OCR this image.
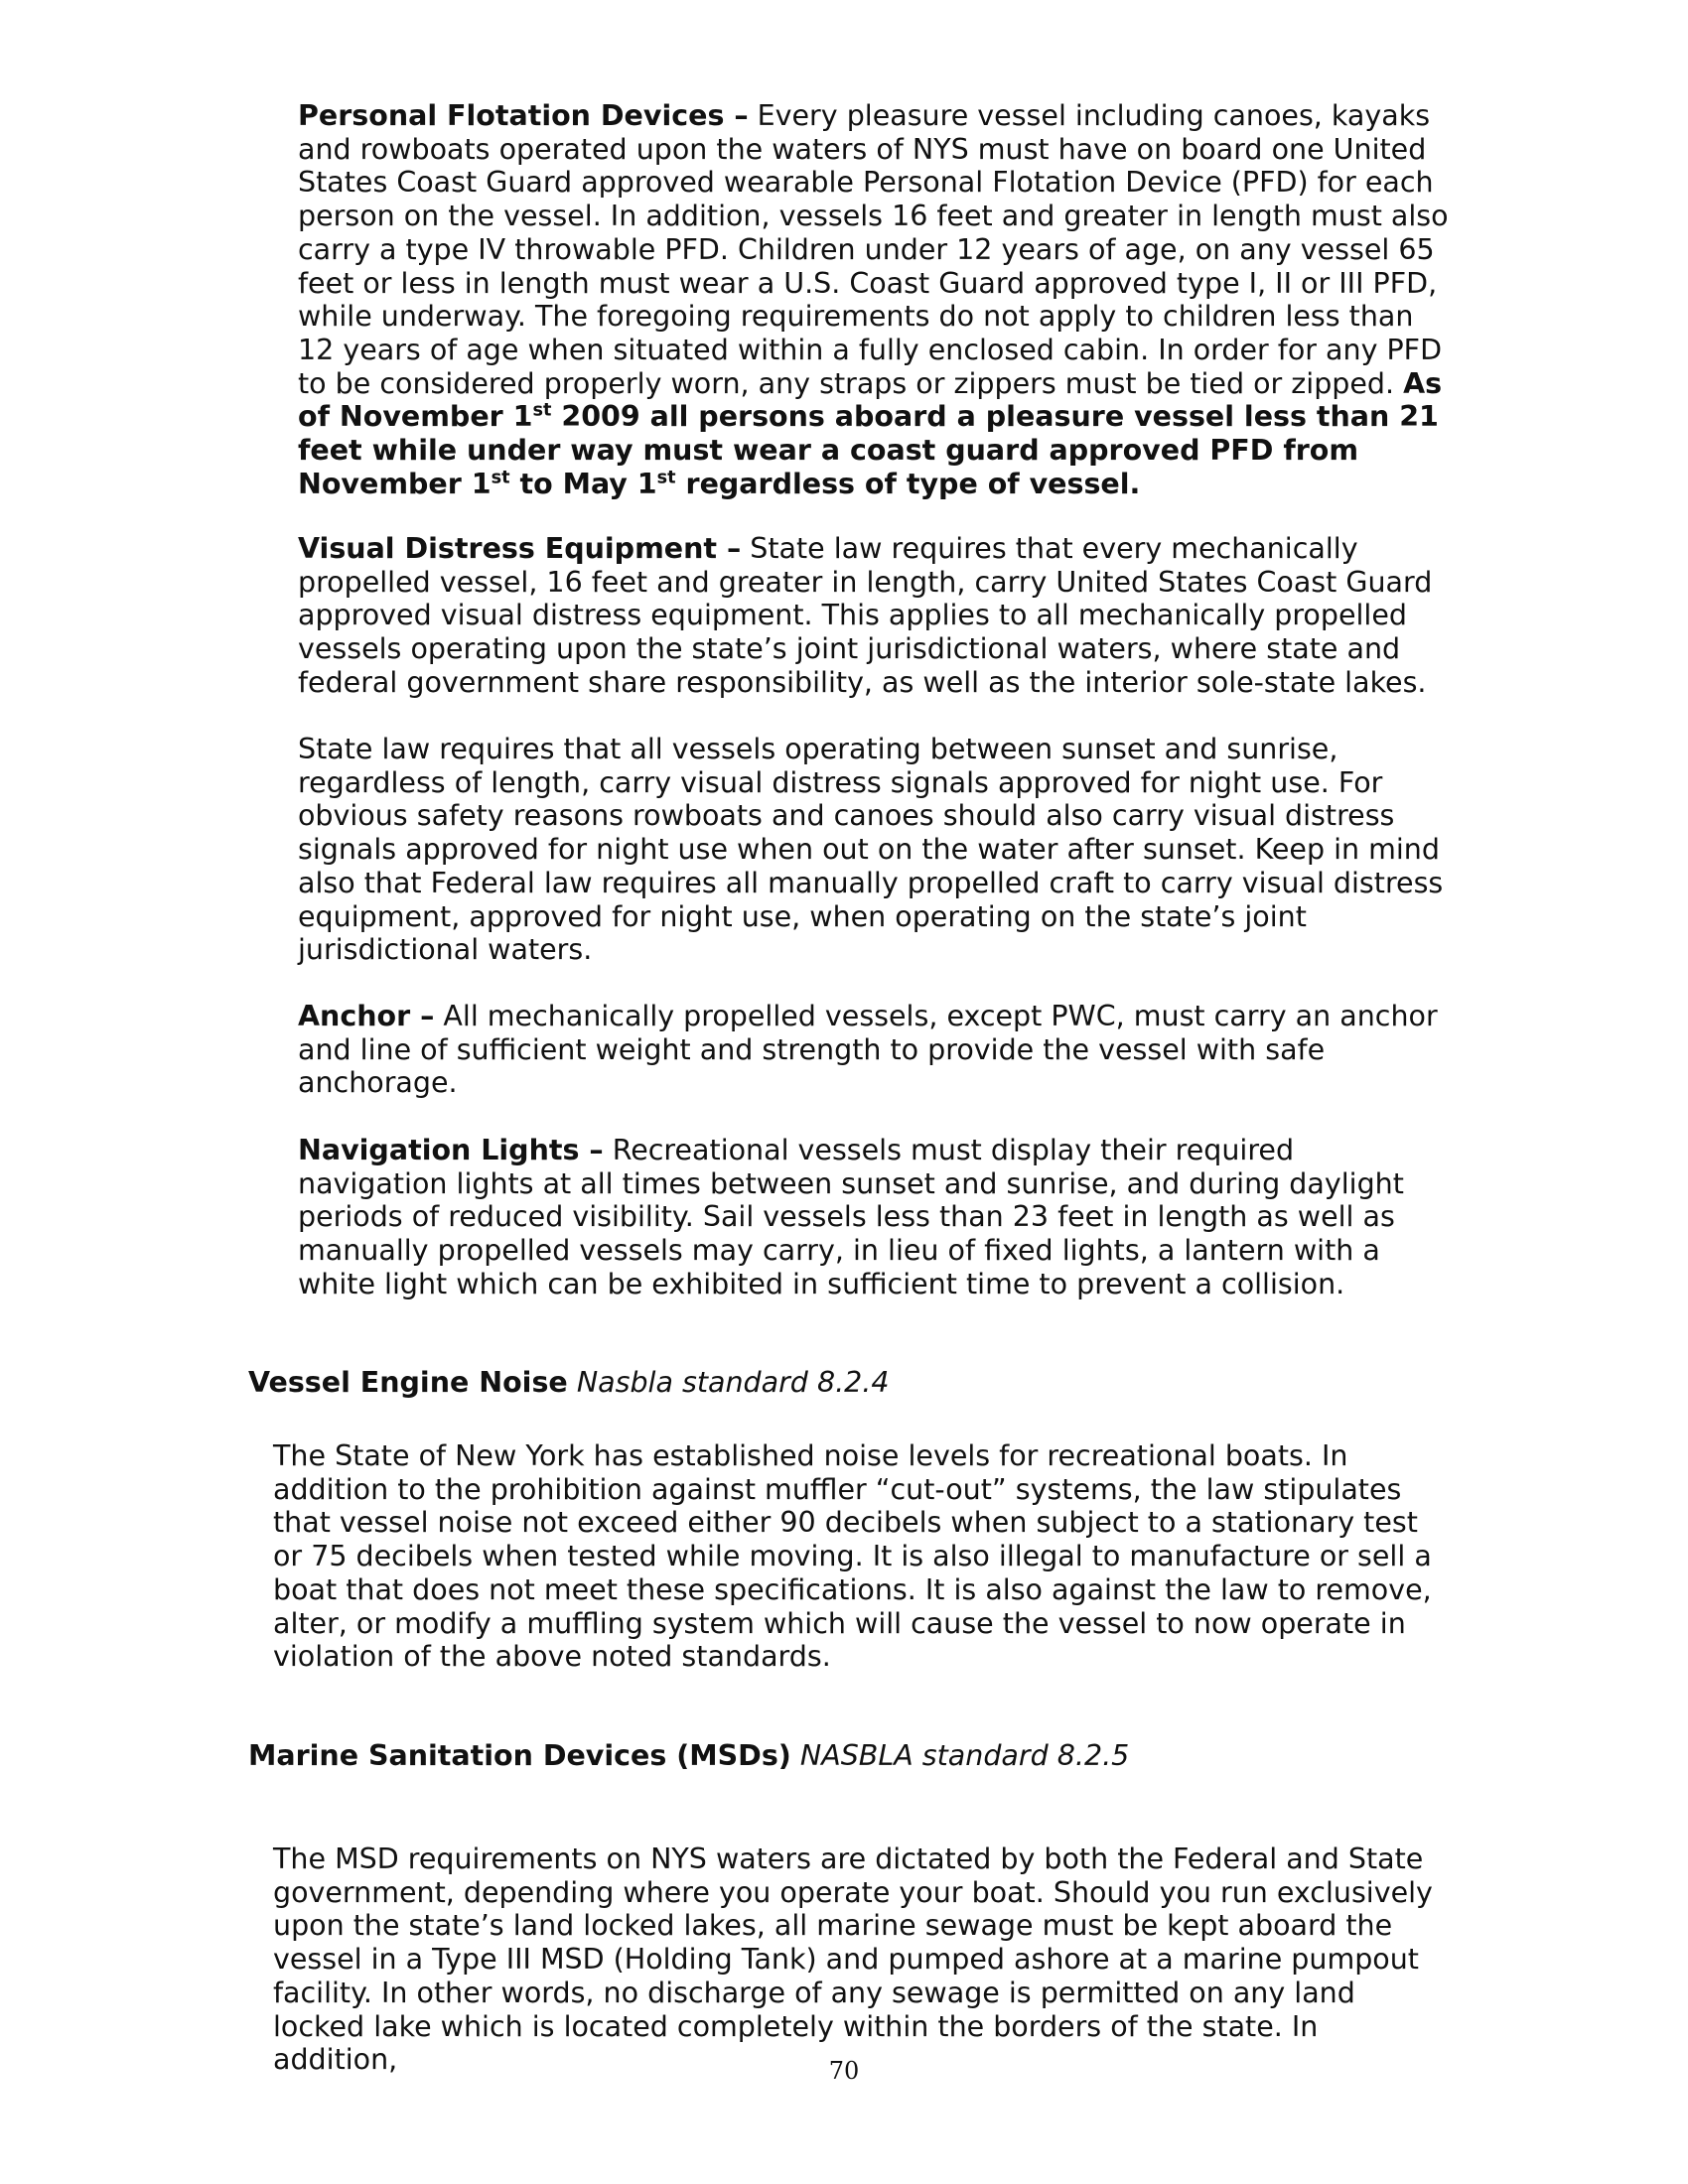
Personal Flotation Devices – Every pleasure vessel including canoes, kayaks and rowboats operated upon the waters of NYS must have on board one United States Coast Guard approved wearable Personal Flotation Device (PFD) for each person on the vessel. In addition, vessels 16 feet and greater in length must also carry a type IV throwable PFD. Children under 12 years of age, on any vessel 65 feet or less in length must wear a U.S. Coast Guard approved type I, II or III PFD, while underway. The foregoing requirements do not apply to children less than 12 years of age when situated within a fully enclosed cabin. In order for any PFD to be considered properly worn, any straps or zippers must be tied or zipped. As of November 1st 2009 all persons aboard a pleasure vessel less than 21 feet while under way must wear a coast guard approved PFD from November 1st to May 1st regardless of type of vessel.

Visual Distress Equipment – State law requires that every mechanically propelled vessel, 16 feet and greater in length, carry United States Coast Guard approved visual distress equipment. This applies to all mechanically propelled vessels operating upon the state’s joint jurisdictional waters, where state and federal government share responsibility, as well as the interior sole-state lakes.

State law requires that all vessels operating between sunset and sunrise, regardless of length, carry visual distress signals approved for night use. For obvious safety reasons rowboats and canoes should also carry visual distress signals approved for night use when out on the water after sunset. Keep in mind also that Federal law requires all manually propelled craft to carry visual distress equipment, approved for night use, when operating on the state’s joint jurisdictional waters.

Anchor – All mechanically propelled vessels, except PWC, must carry an anchor and line of sufficient weight and strength to provide the vessel with safe anchorage.

Navigation Lights – Recreational vessels must display their required navigation lights at all times between sunset and sunrise, and during daylight periods of reduced visibility. Sail vessels less than 23 feet in length as well as manually propelled vessels may carry, in lieu of fixed lights, a lantern with a white light which can be exhibited in sufficient time to prevent a collision.

Vessel Engine Noise Nasbla standard 8.2.4

The State of New York has established noise levels for recreational boats. In addition to the prohibition against muffler “cut-out” systems, the law stipulates that vessel noise not exceed either 90 decibels when subject to a stationary test or 75 decibels when tested while moving. It is also illegal to manufacture or sell a boat that does not meet these specifications. It is also against the law to remove, alter, or modify a muffling system which will cause the vessel to now operate in violation of the above noted standards.

Marine Sanitation Devices (MSDs) NASBLA standard 8.2.5

The MSD requirements on NYS waters are dictated by both the Federal and State government, depending where you operate your boat. Should you run exclusively upon the state’s land locked lakes, all marine sewage must be kept aboard the vessel in a Type III MSD (Holding Tank) and pumped ashore at a marine pumpout facility. In other words, no discharge of any sewage is permitted on any land locked lake which is located completely within the borders of the state. In addition,	70
